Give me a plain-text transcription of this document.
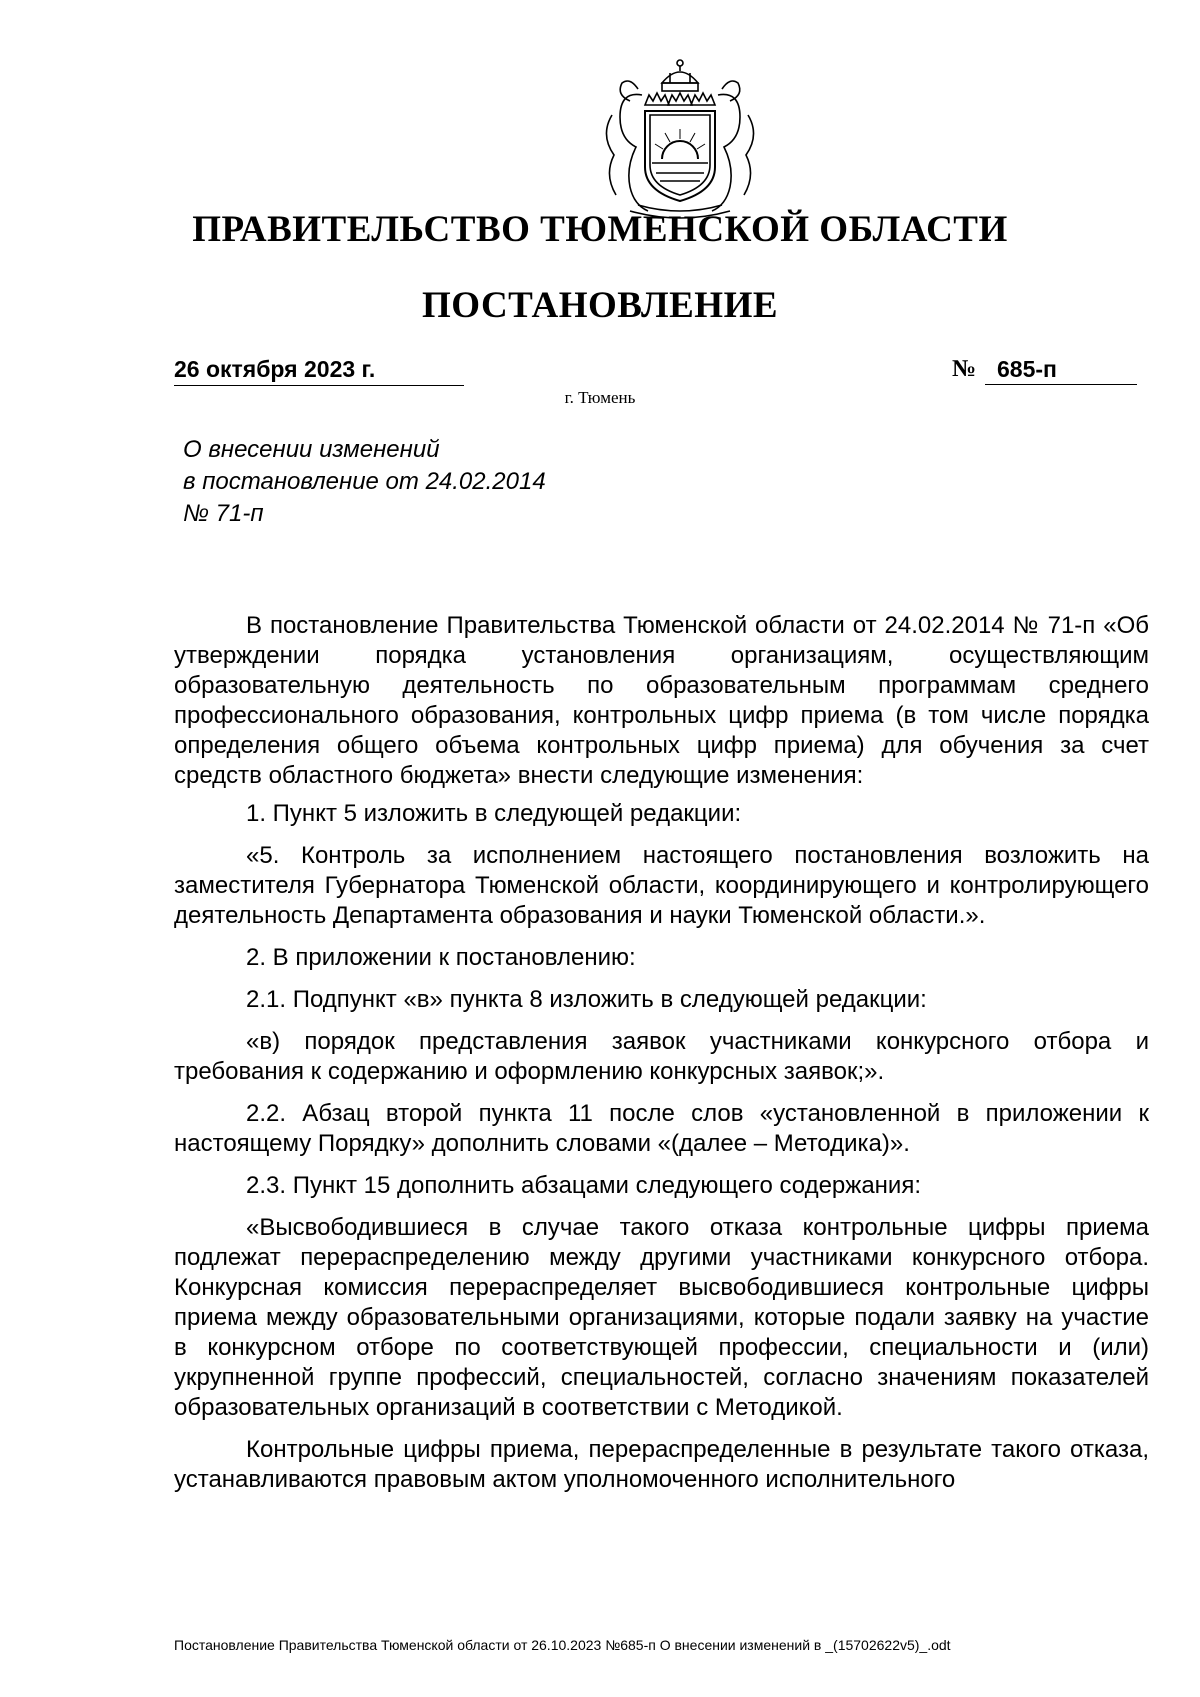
ПРАВИТЕЛЬСТВО ТЮМЕНСКОЙ ОБЛАСТИ
ПОСТАНОВЛЕНИЕ
26 октября 2023 г.	№ 685-п
г. Тюмень
О внесении изменений
в постановление от 24.02.2014
№ 71-п

В постановление Правительства Тюменской области от 24.02.2014 № 71-п «Об утверждении порядка установления организациям, осуществляющим образовательную деятельность по образовательным программам среднего профессионального образования, контрольных цифр приема (в том числе порядка определения общего объема контрольных цифр приема) для обучения за счет средств областного бюджета» внести следующие изменения:

1. Пункт 5 изложить в следующей редакции:

«5. Контроль за исполнением настоящего постановления возложить на заместителя Губернатора Тюменской области, координирующего и контролирующего деятельность Департамента образования и науки Тюменской области.».

2. В приложении к постановлению:

2.1. Подпункт «в» пункта 8 изложить в следующей редакции:

«в) порядок представления заявок участниками конкурсного отбора и требования к содержанию и оформлению конкурсных заявок;».

2.2. Абзац второй пункта 11 после слов «установленной в приложении к настоящему Порядку» дополнить словами «(далее – Методика)».

2.3. Пункт 15 дополнить абзацами следующего содержания:

«Высвободившиеся в случае такого отказа контрольные цифры приема подлежат перераспределению между другими участниками конкурсного отбора. Конкурсная комиссия перераспределяет высвободившиеся контрольные цифры приема между образовательными организациями, которые подали заявку на участие в конкурсном отборе по соответствующей профессии, специальности и (или) укрупненной группе профессий, специальностей, согласно значениям показателей образовательных организаций в соответствии с Методикой.

Контрольные цифры приема, перераспределенные в результате такого отказа, устанавливаются правовым актом уполномоченного исполнительного

Постановление Правительства Тюменской области от 26.10.2023 №685-п О внесении изменений в _(15702622v5)_.odt
